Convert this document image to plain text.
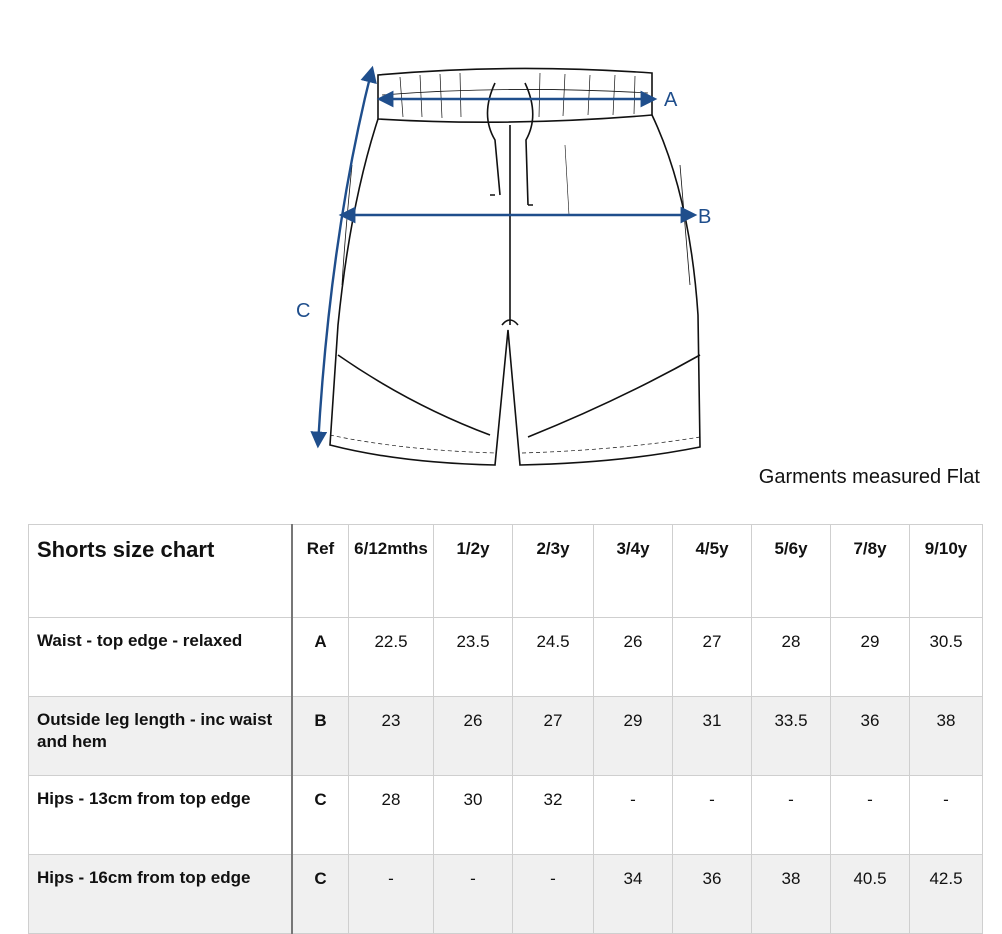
A
B
C
Garments measured Flat
Shorts size chart	Ref	6/12mths	1/2y	2/3y	3/4y	4/5y	5/6y	7/8y	9/10y
Waist - top edge - relaxed	A	22.5	23.5	24.5	26	27	28	29	30.5
Outside leg length - inc waist and hem	B	23	26	27	29	31	33.5	36	38
Hips - 13cm from top edge	C	28	30	32	-	-	-	-	-
Hips - 16cm from top edge	C	-	-	-	34	36	38	40.5	42.5
